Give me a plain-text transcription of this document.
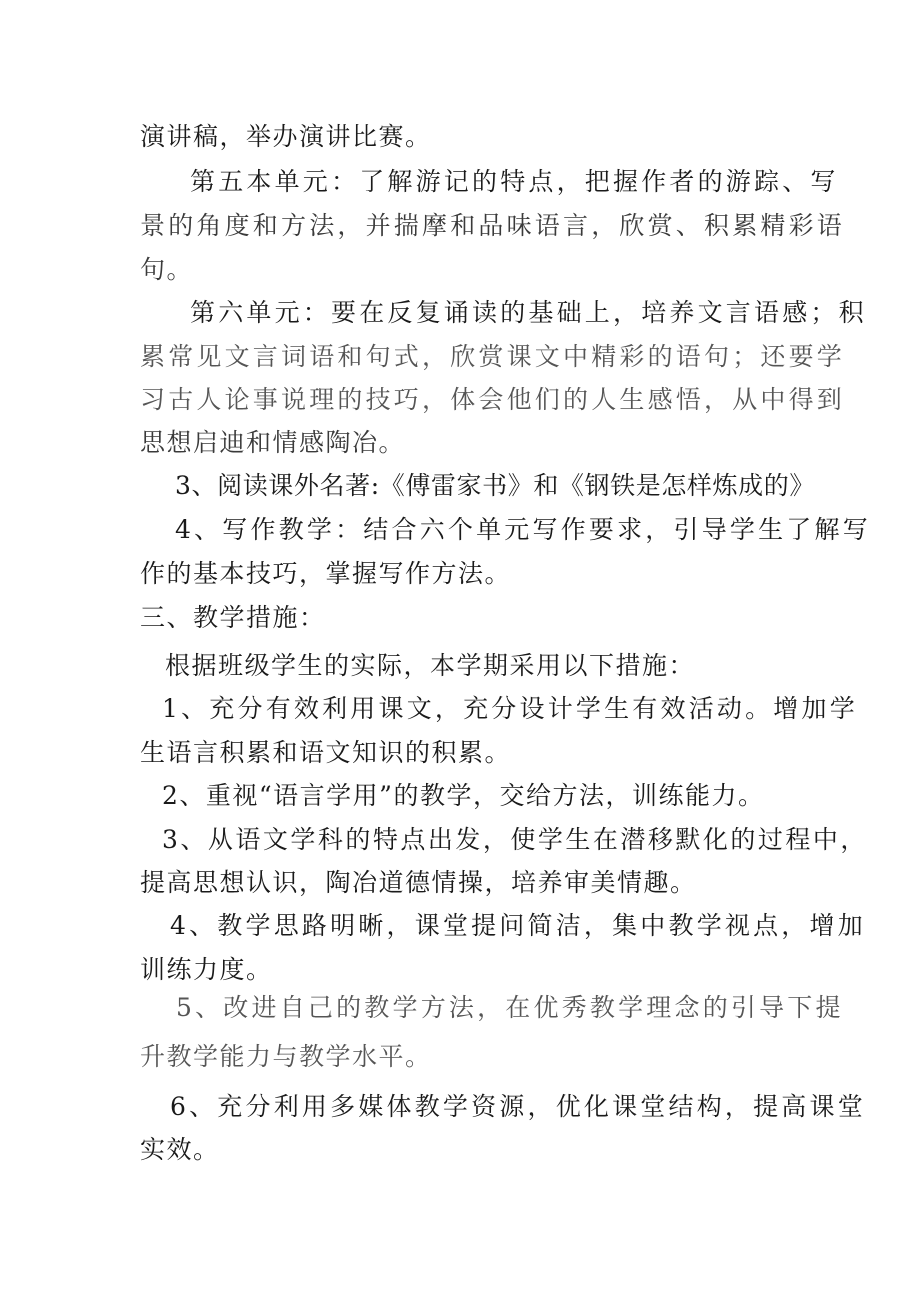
演讲稿，举办演讲比赛。
第五本单元：了解游记的特点，把握作者的游踪、写
景的角度和方法，并揣摩和品味语言，欣赏、积累精彩语
句。
第六单元：要在反复诵读的基础上，培养文言语感；积
累常见文言词语和句式，欣赏课文中精彩的语句；还要学
习古人论事说理的技巧，体会他们的人生感悟，从中得到
思想启迪和情感陶冶。
3、阅读课外名著:《傅雷家书》和《钢铁是怎样炼成的》
4、写作教学：结合六个单元写作要求，引导学生了解写
作的基本技巧，掌握写作方法。
三、教学措施：
根据班级学生的实际，本学期采用以下措施：
1、充分有效利用课文，充分设计学生有效活动。增加学
生语言积累和语文知识的积累。
2、重视“语言学用”的教学，交给方法，训练能力。
3、从语文学科的特点出发，使学生在潜移默化的过程中，
提高思想认识，陶冶道德情操，培养审美情趣。
4、教学思路明晰，课堂提问简洁，集中教学视点，增加
训练力度。
5、改进自己的教学方法，在优秀教学理念的引导下提
升教学能力与教学水平。
6、充分利用多媒体教学资源，优化课堂结构，提高课堂
实效。
